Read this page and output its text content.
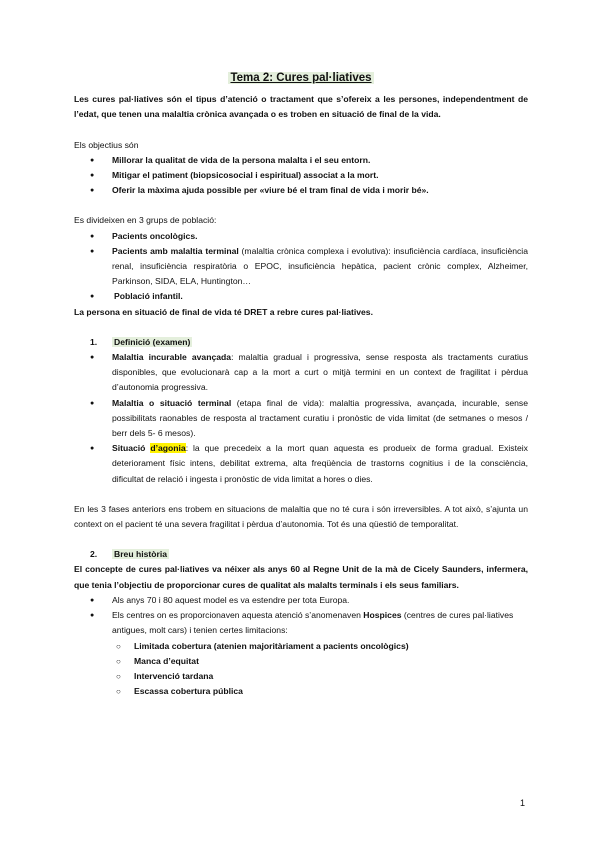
Tema 2: Cures pal·liatives

Les cures pal·liatives són el tipus d’atenció o tractament que s’ofereix a les persones, independentment de l’edat, que tenen una malaltia crònica avançada o es troben en situació de final de la vida.

Els objectius són

● Millorar la qualitat de vida de la persona malalta i el seu entorn.
● Mitigar el patiment (biopsicosocial i espiritual) associat a la mort.
● Oferir la màxima ajuda possible per «viure bé el tram final de vida i morir bé».

Es divideixen en 3 grups de població:

● Pacients oncològics.
● Pacients amb malaltia terminal (malaltia crònica complexa i evolutiva): insuficiència cardíaca, insuficiència renal, insuficiència respiratòria o EPOC, insuficiència hepàtica, pacient crònic complex, Alzheimer, Parkinson, SIDA, ELA, Huntington…
● Població infantil.

La persona en situació de final de vida té DRET a rebre cures pal·liatives.

1. Definició (examen)

● Malaltia incurable avançada: malaltia gradual i progressiva, sense resposta als tractaments curatius disponibles, que evolucionarà cap a la mort a curt o mitjà termini en un context de fragilitat i pèrdua d’autonomia progressiva.
● Malaltia o situació terminal (etapa final de vida): malaltia progressiva, avançada, incurable, sense possibilitats raonables de resposta al tractament curatiu i pronòstic de vida limitat (de setmanes o mesos / berr dels 5- 6 mesos).
● Situació d’agonia: la que precedeix a la mort quan aquesta es produeix de forma gradual. Existeix deteriorament físic intens, debilitat extrema, alta freqüència de trastorns cognitius i de la consciència, dificultat de relació i ingesta i pronòstic de vida limitat a hores o dies.

En les 3 fases anteriors ens trobem en situacions de malaltia que no té cura i són irreversibles. A tot això, s’ajunta un context on el pacient té una severa fragilitat i pèrdua d’autonomia. Tot és una qüestió de temporalitat.

2. Breu història

El concepte de cures pal·liatives va néixer als anys 60 al Regne Unit de la mà de Cicely Saunders, infermera, que tenia l’objectiu de proporcionar cures de qualitat als malalts terminals i els seus familiars.

● Als anys 70 i 80 aquest model es va estendre per tota Europa.
● Els centres on es proporcionaven aquesta atenció s’anomenaven Hospices (centres de cures pal·liatives antigues, molt cars) i tenien certes limitacions:
○ Limitada cobertura (atenien majoritàriament a pacients oncològics)
○ Manca d’equitat
○ Intervenció tardana
○ Escassa cobertura pública
1
